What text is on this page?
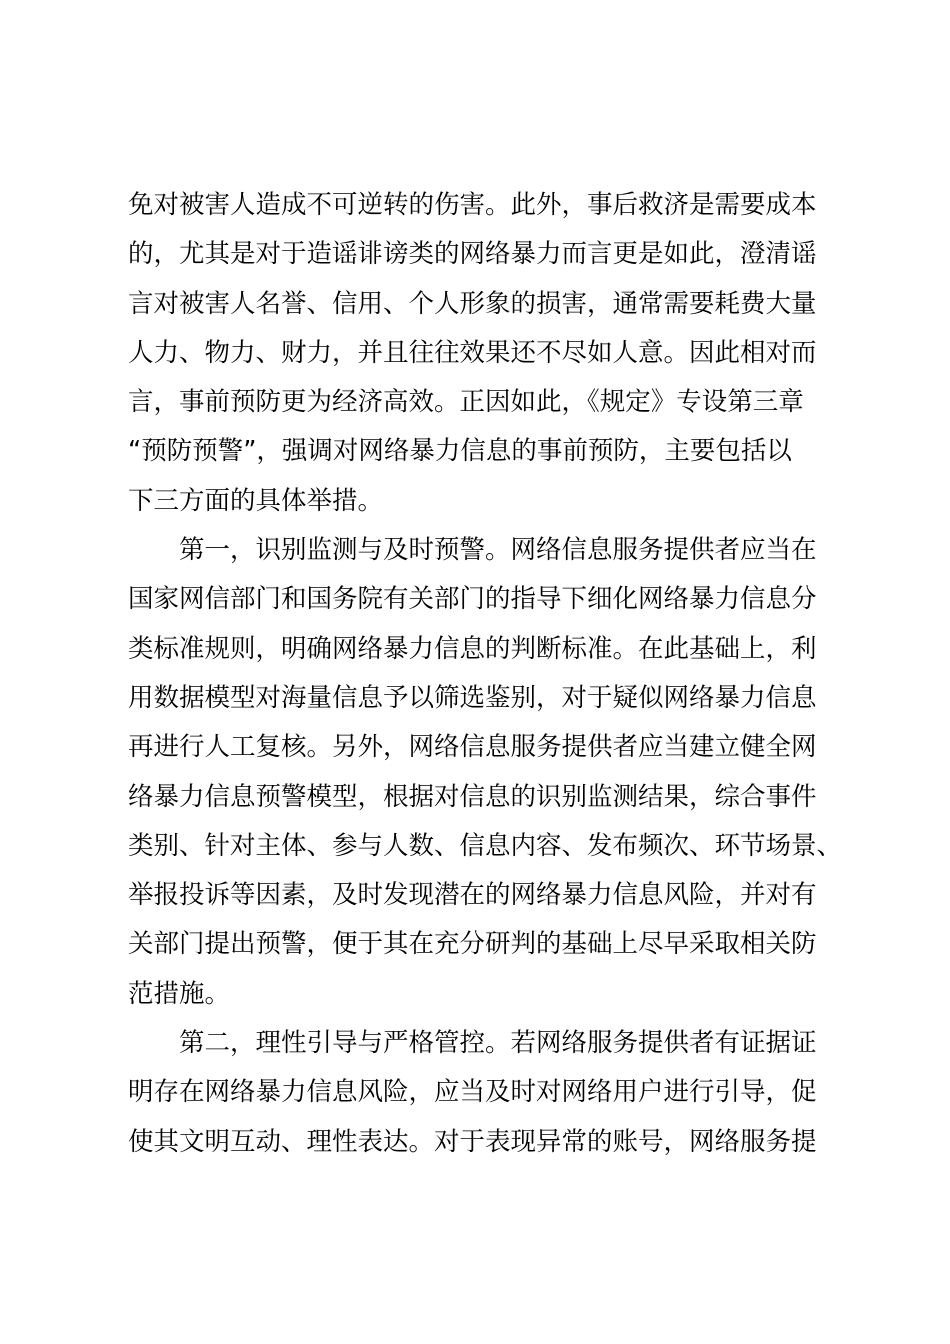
免对被害人造成不可逆转的伤害。此外，事后救济是需要成本
的，尤其是对于造谣诽谤类的网络暴力而言更是如此，澄清谣
言对被害人名誉、信用、个人形象的损害，通常需要耗费大量
人力、物力、财力，并且往往效果还不尽如人意。因此相对而
言，事前预防更为经济高效。正因如此，《规定》专设第三章
“预防预警”，强调对网络暴力信息的事前预防，主要包括以
下三方面的具体举措。
第一，识别监测与及时预警。网络信息服务提供者应当在
国家网信部门和国务院有关部门的指导下细化网络暴力信息分
类标准规则，明确网络暴力信息的判断标准。在此基础上，利
用数据模型对海量信息予以筛选鉴别，对于疑似网络暴力信息
再进行人工复核。另外，网络信息服务提供者应当建立健全网
络暴力信息预警模型，根据对信息的识别监测结果，综合事件
类别、针对主体、参与人数、信息内容、发布频次、环节场景、
举报投诉等因素，及时发现潜在的网络暴力信息风险，并对有
关部门提出预警，便于其在充分研判的基础上尽早采取相关防
范措施。
第二，理性引导与严格管控。若网络服务提供者有证据证
明存在网络暴力信息风险，应当及时对网络用户进行引导，促
使其文明互动、理性表达。对于表现异常的账号，网络服务提
